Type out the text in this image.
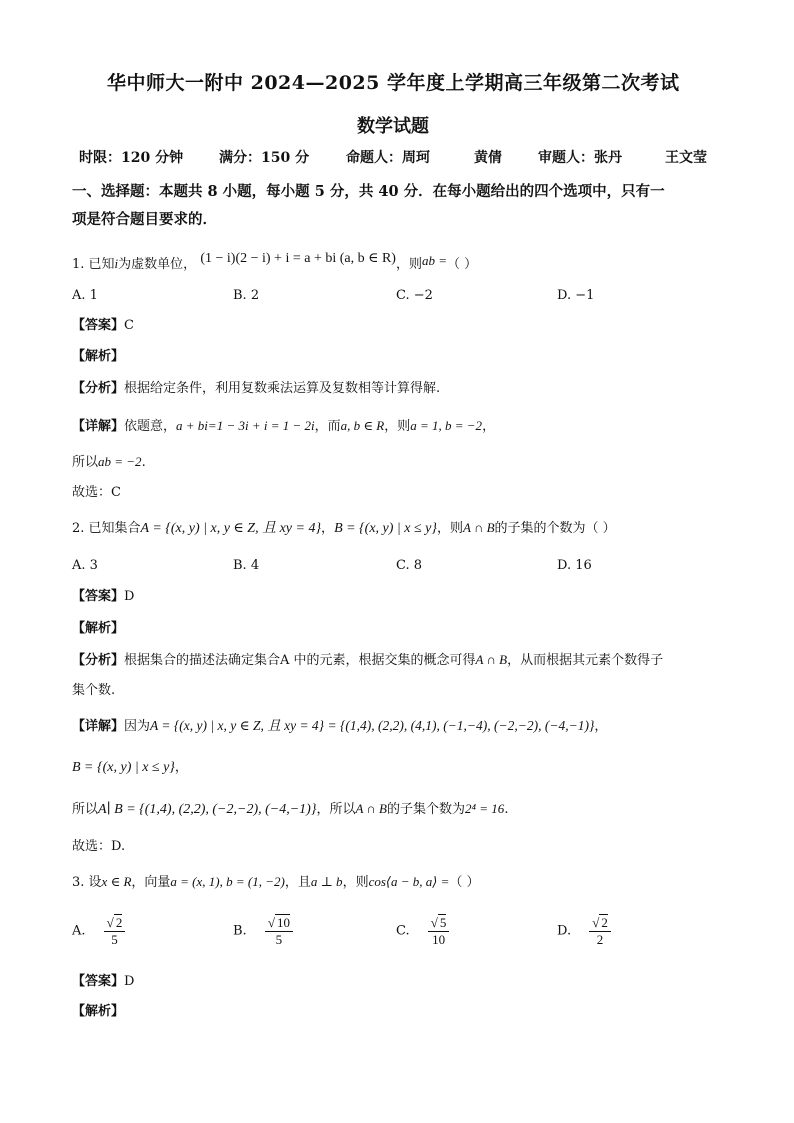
华中师大一附中 2024—2025 学年度上学期高三年级第二次考试
数学试题
时限：120 分钟	满分：150 分	命题人：周珂	黄倩	审题人：张丹	王文莹
一、选择题：本题共 8 小题，每小题 5 分，共 40 分．在每小题给出的四个选项中，只有一
项是符合题目要求的．
1. 已知i为虚数单位， (1 − i)(2 − i) + i = a + bi (a, b ∈ R)，则ab =（ ）
A. 1	B. 2	C. −2	D. −1
【答案】C
【解析】
【分析】根据给定条件，利用复数乘法运算及复数相等计算得解.
【详解】依题意，a + bi=1 − 3i + i = 1 − 2i，而a, b ∈ R，则a = 1, b = −2，
所以ab = −2.
故选：C
2. 已知集合A = {(x, y) | x, y ∈ Z, 且 xy = 4}，B = {(x, y) | x ≤ y}，则A ∩ B的子集的个数为（ ）
A. 3	B. 4	C. 8	D. 16
【答案】D
【解析】
【分析】根据集合的描述法确定集合A 中的元素，根据交集的概念可得A ∩ B，从而根据其元素个数得子
集个数.
【详解】因为A = {(x, y) | x, y ∈ Z, 且 xy = 4} = {(1,4), (2,2), (4,1), (−1,−4), (−2,−2), (−4,−1)}，
B = {(x, y) | x ≤ y}，
所以A∣ B = {(1,4), (2,2), (−2,−2), (−4,−1)}，所以A ∩ B的子集个数为2⁴ = 16.
故选：D.
3. 设x ∈ R，向量a = (x, 1), b = (1, −2)，且a ⊥ b，则cos⟨a − b, a⟩ =（ ）
A. $\frac{√ 2}{5}$	B. $\frac{√ 10}{5}$	C. $\frac{√ 5}{10}$	D. $\frac{√ 2}{2}$
【答案】D
【解析】
